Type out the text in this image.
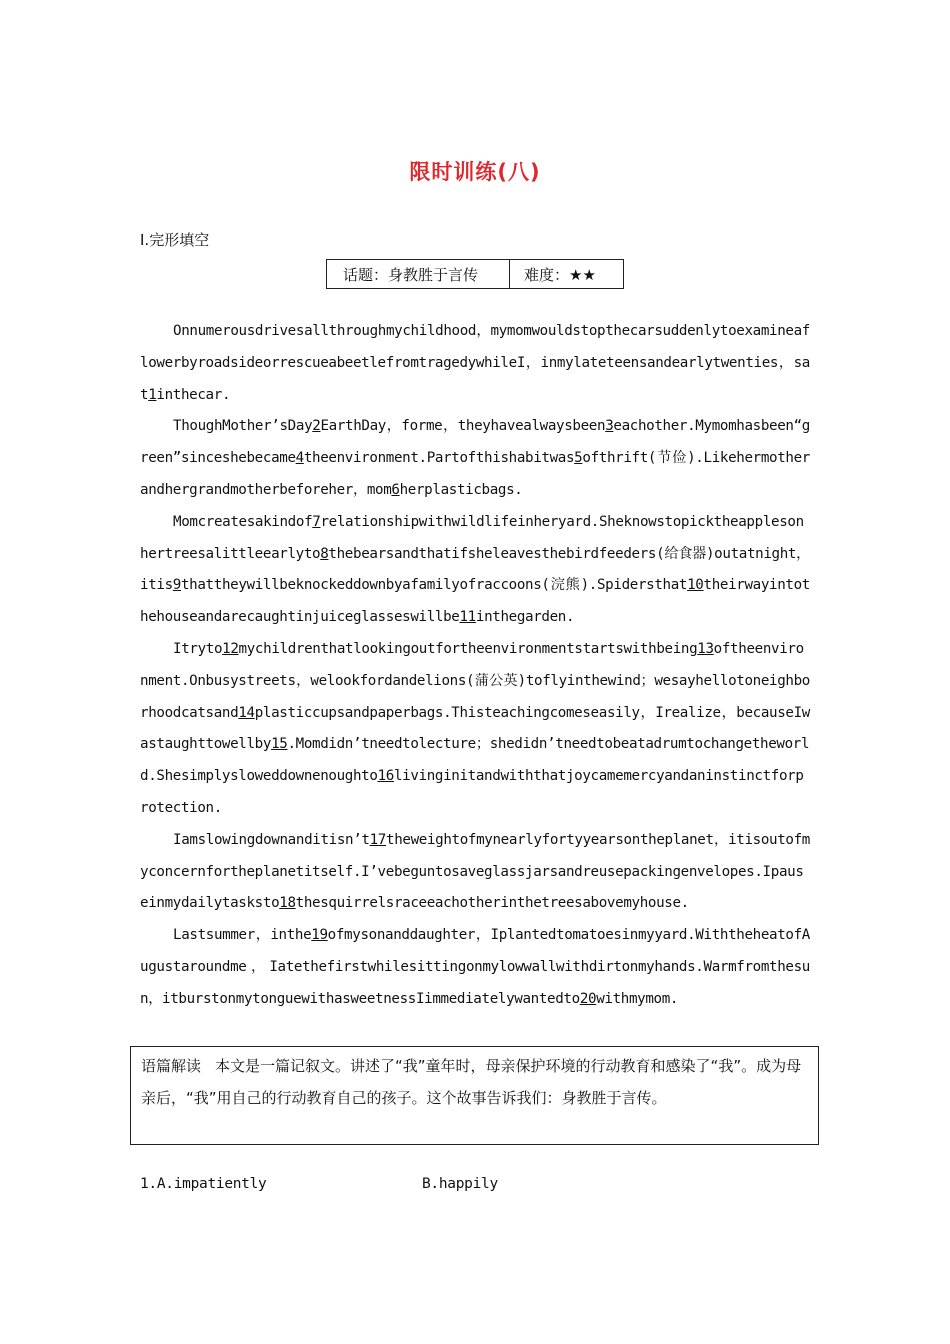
限时训练(八)
Ⅰ.完形填空
话题：身教胜于言传	难度：★★

Onnumerousdrivesallthroughmychildhood，mymomwouldstopthecarsuddenlytoexamineaflowerbyroadsideorrescueabeetlefromtragedywhileI，inmylateteensandearlytwenties，sat1inthecar.

ThoughMother’sDay2EarthDay，forme，theyhavealwaysbeen3eachother.Mymomhasbeen“green”sinceshebecame4theenvironment.Partofthishabitwas5ofthrift(节俭).Likehermotherandhergrandmotherbeforeher，mom6herplasticbags.

Momcreatesakindof7relationshipwithwildlifeinheryard.Sheknowstopicktheapplesonhertreesalittleearlyto8thebearsandthatifsheleavesthebirdfeeders(给食器)outatnight，itis9thattheywillbeknockeddownbyafamilyofraccoons(浣熊).Spidersthat10theirwayintothehouseandarecaughtinjuiceglasseswillbe11inthegarden.

Itryto12mychildrenthatlookingoutfortheenvironmentstartswithbeing13oftheenvironment.Onbusystreets，welookfordandelions(蒲公英)toflyinthewind；wesayhellotoneighborhoodcatsand14plasticcupsandpaperbags.Thisteachingcomeseasily，Irealize，becauseIwastaughttowellby15.Momdidn’tneedtolecture；shedidn’tneedtobeatadrumtochangetheworld.Shesimplysloweddownenoughto16livinginitandwiththatjoycamemercyandaninstinctforprotection.

Iamslowingdownanditisn’t17theweightofmynearlyfortyyearsontheplanet，itisoutofmyconcernfortheplanetitself.I’vebeguntosaveglassjarsandreusepackingenvelopes.Ipauseinmydailytasksto18thesquirrelsraceeachotherinthetreesabovemyhouse.

Lastsummer，inthe19ofmysonanddaughter，Iplantedtomatoesinmyyard.WiththeheatofAugustaroundme，Iatethefirstwhilesittingonmylowwallwithdirtonmyhands.Warmfromthesun，itburstonmytonguewithasweetnessIimmediatelywantedto20withmymom.

语篇解读 本文是一篇记叙文。讲述了“我”童年时，母亲保护环境的行动教育和感染了“我”。成为母亲后，“我”用自己的行动教育自己的孩子。这个故事告诉我们：身教胜于言传。
1.A.impatiently	B.happily
